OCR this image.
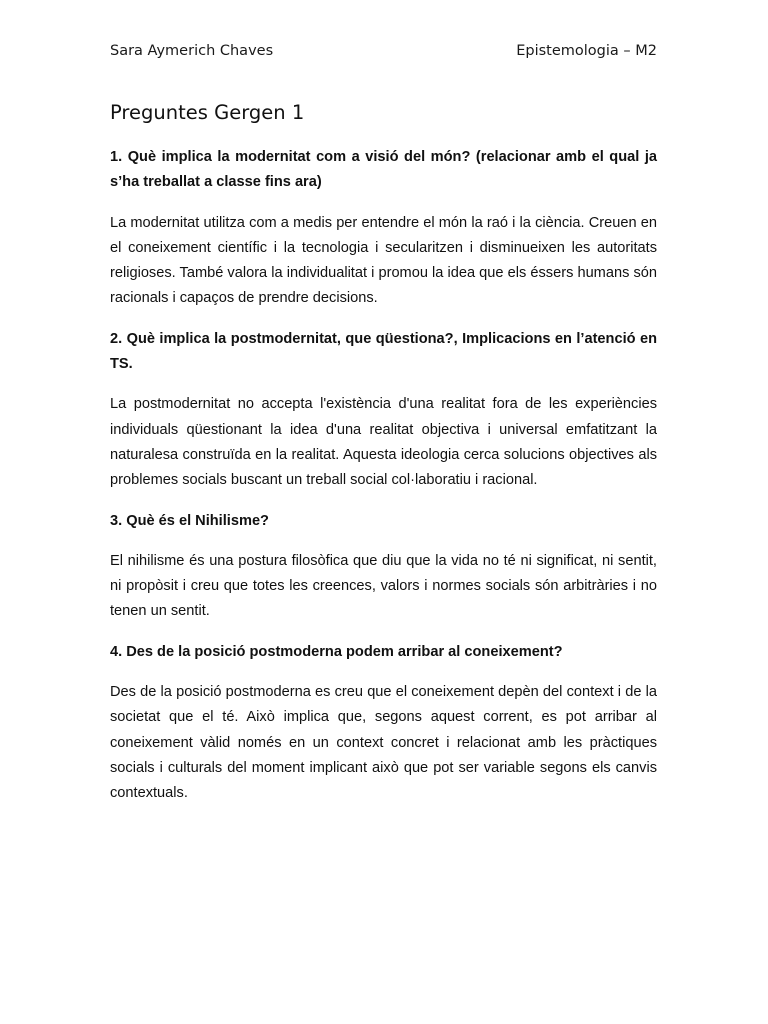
Sara Aymerich Chaves	Epistemologia – M2
Preguntes Gergen 1

1. Què implica la modernitat com a visió del món? (relacionar amb el qual ja s’ha treballat a classe fins ara)

La modernitat utilitza com a medis per entendre el món la raó i la ciència. Creuen en el coneixement científic i la tecnologia i secularitzen i disminueixen les autoritats religioses. També valora la individualitat i promou la idea que els éssers humans són racionals i capaços de prendre decisions.

2. Què implica la postmodernitat, que qüestiona?, Implicacions en l’atenció en TS.

La postmodernitat no accepta l'existència d'una realitat fora de les experiències individuals qüestionant la idea d'una realitat objectiva i universal emfatitzant la naturalesa construïda en la realitat. Aquesta ideologia cerca solucions objectives als problemes socials buscant un treball social col·laboratiu i racional.

3. Què és el Nihilisme?

El nihilisme és una postura filosòfica que diu que la vida no té ni significat, ni sentit, ni propòsit i creu que totes les creences, valors i normes socials són arbitràries i no tenen un sentit.

4. Des de la posició postmoderna podem arribar al coneixement?

Des de la posició postmoderna es creu que el coneixement depèn del context i de la societat que el té. Això implica que, segons aquest corrent, es pot arribar al coneixement vàlid només en un context concret i relacionat amb les pràctiques socials i culturals del moment implicant això que pot ser variable segons els canvis contextuals.
